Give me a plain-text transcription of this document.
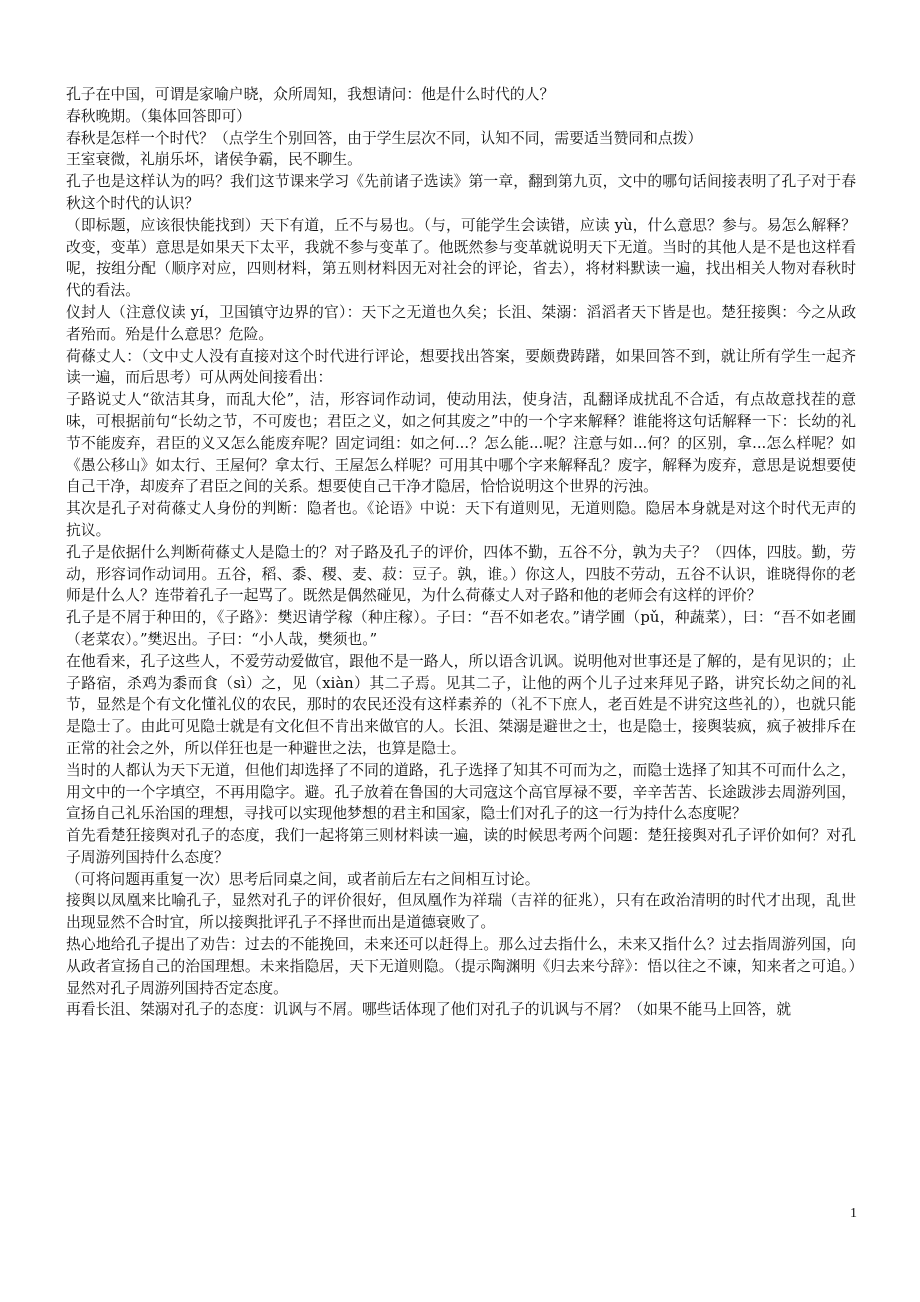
孔子在中国，可谓是家喻户晓，众所周知，我想请问：他是什么时代的人？

春秋晚期。（集体回答即可）

春秋是怎样一个时代？（点学生个别回答，由于学生层次不同，认知不同，需要适当赞同和点拨）

王室衰微，礼崩乐坏，诸侯争霸，民不聊生。

孔子也是这样认为的吗？我们这节课来学习《先前诸子选读》第一章，翻到第九页，文中的哪句话间接表明了孔子对于春秋这个时代的认识？

（即标题，应该很快能找到）天下有道，丘不与易也。（与，可能学生会读错，应读 yù，什么意思？参与。易怎么解释？改变，变革）意思是如果天下太平，我就不参与变革了。他既然参与变革就说明天下无道。当时的其他人是不是也这样看呢，按组分配（顺序对应，四则材料，第五则材料因无对社会的评论，省去），将材料默读一遍，找出相关人物对春秋时代的看法。

仪封人（注意仪读 yí，卫国镇守边界的官）：天下之无道也久矣；长沮、桀溺：滔滔者天下皆是也。楚狂接舆：今之从政者殆而。殆是什么意思？危险。

荷蓧丈人：（文中丈人没有直接对这个时代进行评论，想要找出答案，要颇费踌躇，如果回答不到，就让所有学生一起齐读一遍，而后思考）可从两处间接看出：

子路说丈人“欲洁其身，而乱大伦”，洁，形容词作动词，使动用法，使身洁，乱翻译成扰乱不合适，有点故意找茬的意味，可根据前句“长幼之节，不可废也；君臣之义，如之何其废之”中的一个字来解释？谁能将这句话解释一下：长幼的礼节不能废弃，君臣的义又怎么能废弃呢？固定词组：如之何...？怎么能...呢？注意与如...何？的区别，拿...怎么样呢？如《愚公移山》如太行、王屋何？拿太行、王屋怎么样呢？可用其中哪个字来解释乱？废字，解释为废弃，意思是说想要使自己干净，却废弃了君臣之间的关系。想要使自己干净才隐居，恰恰说明这个世界的污浊。

其次是孔子对荷蓧丈人身份的判断：隐者也。《论语》中说：天下有道则见，无道则隐。隐居本身就是对这个时代无声的抗议。

孔子是依据什么判断荷蓧丈人是隐士的？对子路及孔子的评价，四体不勤，五谷不分，孰为夫子？（四体，四肢。勤，劳动，形容词作动词用。五谷，稻、黍、稷、麦、菽：豆子。孰，谁。）你这人，四肢不劳动，五谷不认识，谁晓得你的老师是什么人？连带着孔子一起骂了。既然是偶然碰见，为什么荷蓧丈人对子路和他的老师会有这样的评价？

孔子是不屑于种田的，《子路》：樊迟请学稼（种庄稼）。子曰：“吾不如老农。”请学圃（pǔ，种蔬菜），曰：“吾不如老圃（老菜农）。”樊迟出。子曰：“小人哉，樊须也。”

在他看来，孔子这些人，不爱劳动爱做官，跟他不是一路人，所以语含讥讽。说明他对世事还是了解的，是有见识的；止子路宿，杀鸡为黍而食（sì）之，见（xiàn）其二子焉。见其二子，让他的两个儿子过来拜见子路，讲究长幼之间的礼节，显然是个有文化懂礼仪的农民，那时的农民还没有这样素养的（礼不下庶人，老百姓是不讲究这些礼的），也就只能是隐士了。由此可见隐士就是有文化但不肯出来做官的人。长沮、桀溺是避世之士，也是隐士，接舆装疯，疯子被排斥在正常的社会之外，所以佯狂也是一种避世之法，也算是隐士。

当时的人都认为天下无道，但他们却选择了不同的道路，孔子选择了知其不可而为之，而隐士选择了知其不可而什么之，用文中的一个字填空，不再用隐字。避。孔子放着在鲁国的大司寇这个高官厚禄不要，辛辛苦苦、长途跋涉去周游列国，宣扬自己礼乐治国的理想，寻找可以实现他梦想的君主和国家，隐士们对孔子的这一行为持什么态度呢？

首先看楚狂接舆对孔子的态度，我们一起将第三则材料读一遍，读的时候思考两个问题：楚狂接舆对孔子评价如何？对孔子周游列国持什么态度？

（可将问题再重复一次）思考后同桌之间，或者前后左右之间相互讨论。

接舆以凤凰来比喻孔子，显然对孔子的评价很好，但凤凰作为祥瑞（吉祥的征兆），只有在政治清明的时代才出现，乱世出现显然不合时宜，所以接舆批评孔子不择世而出是道德衰败了。

热心地给孔子提出了劝告：过去的不能挽回，未来还可以赶得上。那么过去指什么，未来又指什么？过去指周游列国，向从政者宣扬自己的治国理想。未来指隐居，天下无道则隐。（提示陶渊明《归去来兮辞》：悟以往之不谏，知来者之可追。）显然对孔子周游列国持否定态度。

再看长沮、桀溺对孔子的态度：讥讽与不屑。哪些话体现了他们对孔子的讥讽与不屑？（如果不能马上回答，就

1
